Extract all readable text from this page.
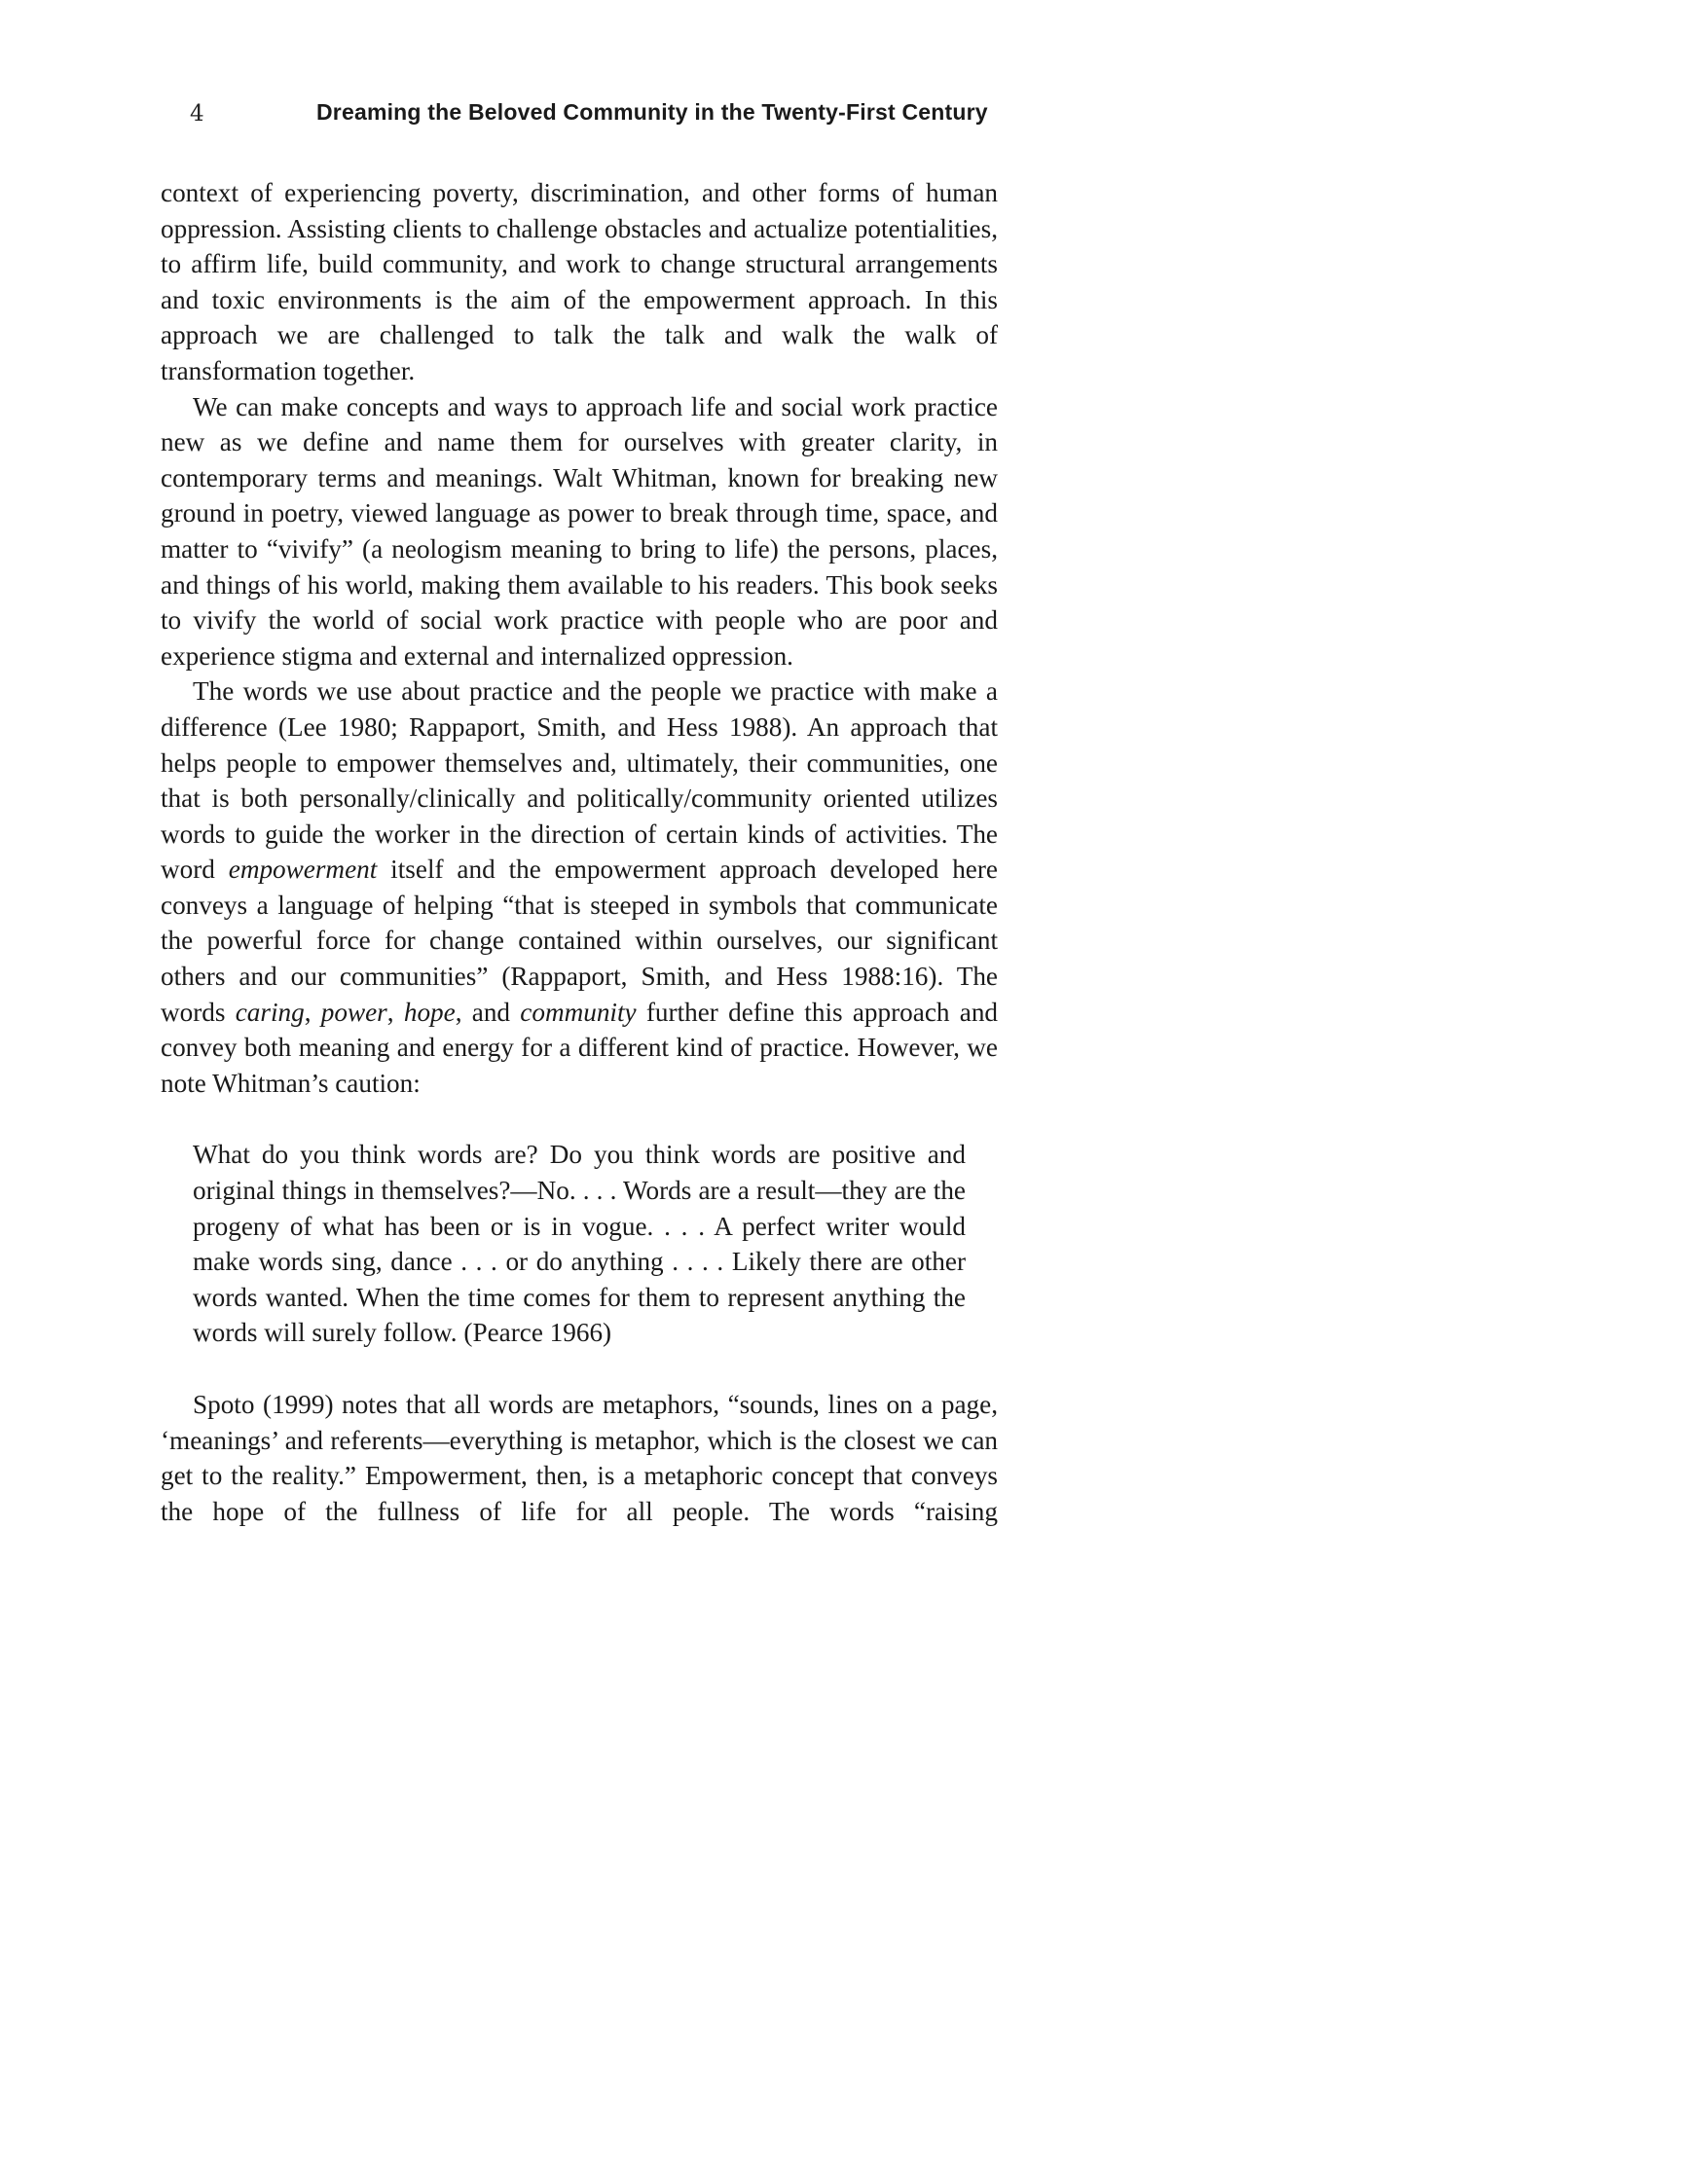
4	Dreaming the Beloved Community in the Twenty-First Century

context of experiencing poverty, discrimination, and other forms of human oppression. Assisting clients to challenge obstacles and actualize potentialities, to affirm life, build community, and work to change structural arrangements and toxic environments is the aim of the empowerment approach. In this approach we are challenged to talk the talk and walk the walk of transformation together.

We can make concepts and ways to approach life and social work practice new as we define and name them for ourselves with greater clarity, in contemporary terms and meanings. Walt Whitman, known for breaking new ground in poetry, viewed language as power to break through time, space, and matter to “vivify” (a neologism meaning to bring to life) the persons, places, and things of his world, making them available to his readers. This book seeks to vivify the world of social work practice with people who are poor and experience stigma and external and internalized oppression.

The words we use about practice and the people we practice with make a difference (Lee 1980; Rappaport, Smith, and Hess 1988). An approach that helps people to empower themselves and, ultimately, their communities, one that is both personally/clinically and politically/community oriented utilizes words to guide the worker in the direction of certain kinds of activities. The word empowerment itself and the empowerment approach developed here conveys a language of helping “that is steeped in symbols that communicate the powerful force for change contained within ourselves, our significant others and our communities” (Rappaport, Smith, and Hess 1988:16). The words caring, power, hope, and community further define this approach and convey both meaning and energy for a different kind of practice. However, we note Whitman’s caution:

What do you think words are? Do you think words are positive and original things in themselves?—No. . . . Words are a result—they are the progeny of what has been or is in vogue. . . . A perfect writer would make words sing, dance . . . or do anything . . . . Likely there are other words wanted. When the time comes for them to represent anything the words will surely follow. (Pearce 1966)

Spoto (1999) notes that all words are metaphors, “sounds, lines on a page, ‘meanings’ and referents—everything is metaphor, which is the closest we can get to the reality.” Empowerment, then, is a metaphoric concept that conveys the hope of the fullness of life for all people. The words “raising
